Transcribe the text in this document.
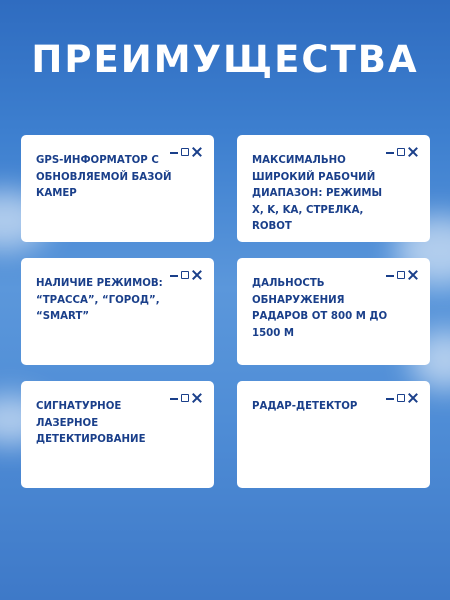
ПРЕИМУЩЕСТВА
GPS-ИНФОРМАТОР С ОБНОВЛЯЕМОЙ БАЗОЙ КАМЕР
МАКСИМАЛЬНО ШИРОКИЙ РАБОЧИЙ ДИАПАЗОН: РЕЖИМЫ X, K, KA, СТРЕЛКА, ROBOT
НАЛИЧИЕ РЕЖИМОВ: “ТРАССА”, “ГОРОД”, “SMART”
ДАЛЬНОСТЬ ОБНАРУЖЕНИЯ РАДАРОВ ОТ 800 М ДО 1500 М
СИГНАТУРНОЕ ЛАЗЕРНОЕ ДЕТЕКТИРОВАНИЕ
РАДАР-ДЕТЕКТОР
